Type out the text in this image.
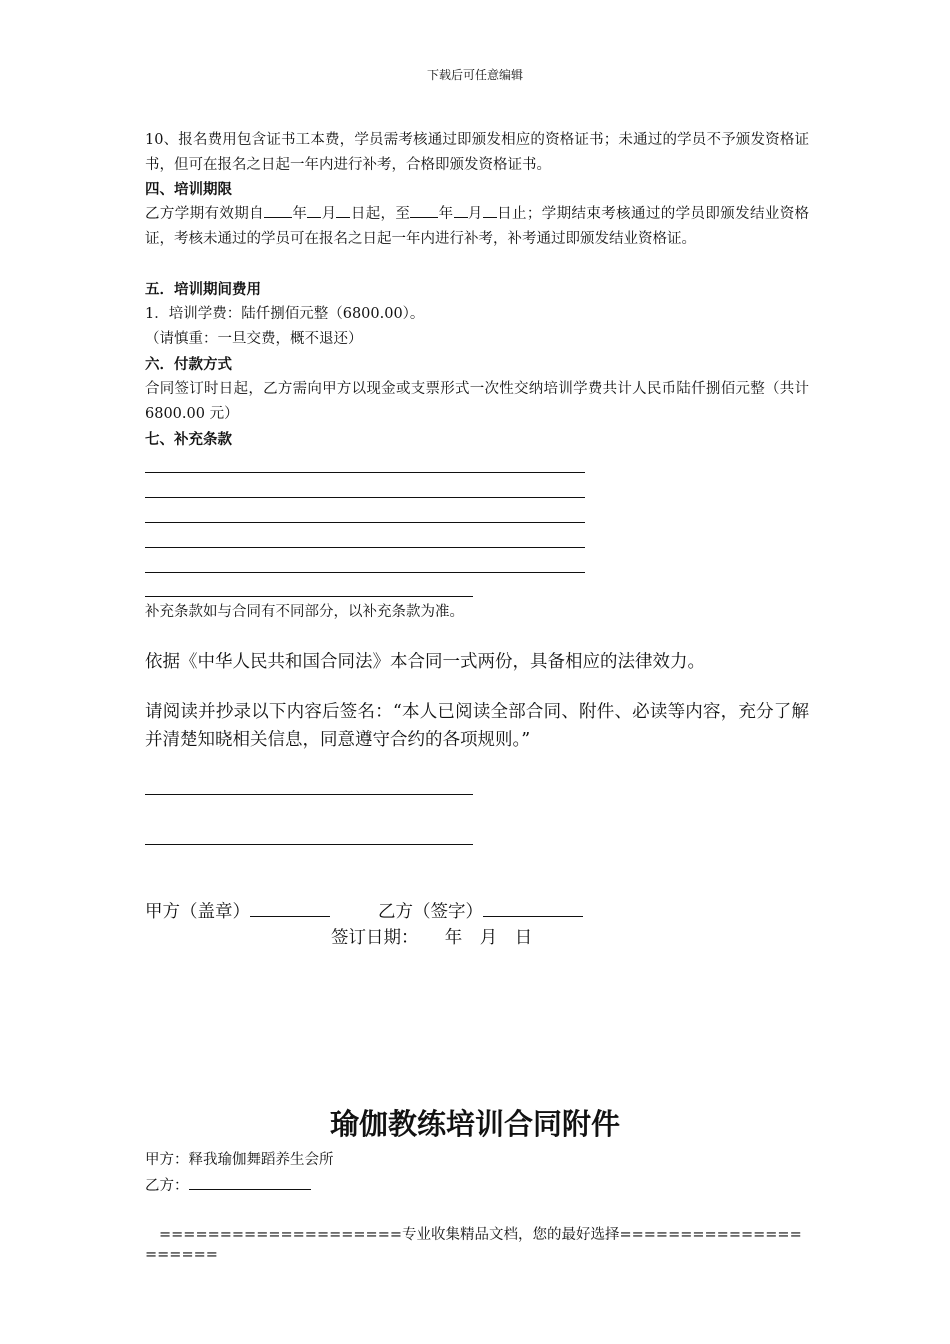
下载后可任意编辑
10、报名费用包含证书工本费，学员需考核通过即颁发相应的资格证书；未通过的学员不予颁发资格证书，但可在报名之日起一年内进行补考，合格即颁发资格证书。
四、培训期限
乙方学期有效期自 年 月 日起，至 年 月 日止；学期结束考核通过的学员即颁发结业资格证，考核未通过的学员可在报名之日起一年内进行补考，补考通过即颁发结业资格证。
五．培训期间费用
1．培训学费：陆仟捌佰元整（6800.00）。
（请慎重：一旦交费，概不退还）
六．付款方式
合同签订时日起，乙方需向甲方以现金或支票形式一次性交纳培训学费共计人民币陆仟捌佰元整（共计 6800.00 元）
七、补充条款
补充条款如与合同有不同部分，以补充条款为准。
依据《中华人民共和国合同法》本合同一式两份，具备相应的法律效力。
请阅读并抄录以下内容后签名：“本人已阅读全部合同、附件、必读等内容，充分了解并清楚知晓相关信息，同意遵守合约的各项规则。”
甲方（盖章）	乙方（签字）
签订日期：　　年　月　日
瑜伽教练培训合同附件
甲方：释我瑜伽舞蹈养生会所
乙方：
====================专业收集精品文档，您的最好选择=====================
